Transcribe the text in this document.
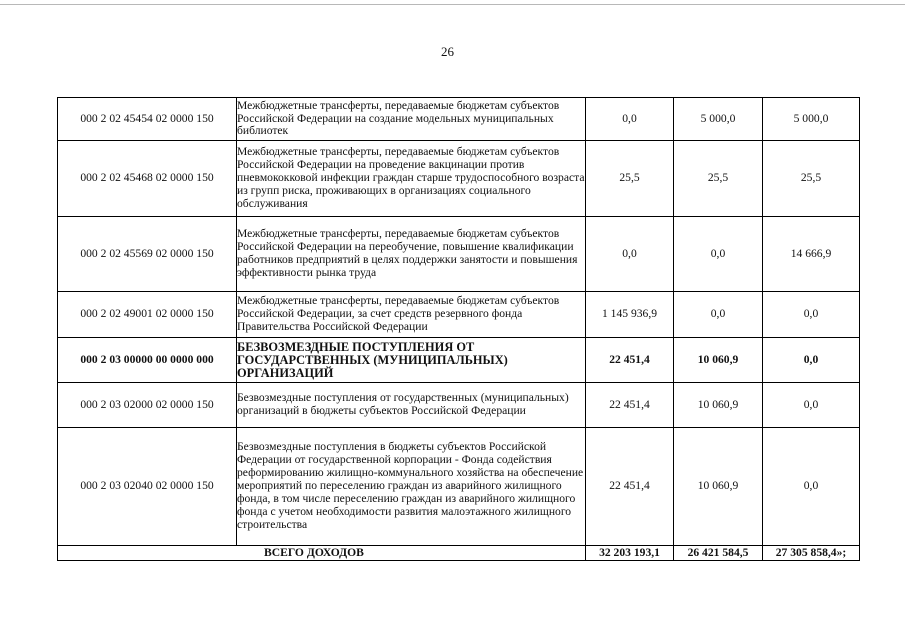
26
000 2 02 45454 02 0000 150	Межбюджетные трансферты, передаваемые бюджетам субъектов Российской Федерации на создание модельных муниципальных библиотек	0,0	5 000,0	5 000,0
000 2 02 45468 02 0000 150	Межбюджетные трансферты, передаваемые бюджетам субъектов Российской Федерации на проведение вакцинации против пневмококковой инфекции граждан старше трудоспособного возраста из групп риска, проживающих в организациях социального обслуживания	25,5	25,5	25,5
000 2 02 45569 02 0000 150	Межбюджетные трансферты, передаваемые бюджетам субъектов Российской Федерации на переобучение, повышение квалификации работников предприятий в целях поддержки занятости и повышения эффективности рынка труда	0,0	0,0	14 666,9
000 2 02 49001 02 0000 150	Межбюджетные трансферты, передаваемые бюджетам субъектов Российской Федерации, за счет средств резервного фонда Правительства Российской Федерации	1 145 936,9	0,0	0,0
000 2 03 00000 00 0000 000	БЕЗВОЗМЕЗДНЫЕ ПОСТУПЛЕНИЯ ОТ ГОСУДАРСТВЕННЫХ (МУНИЦИПАЛЬНЫХ) ОРГАНИЗАЦИЙ	22 451,4	10 060,9	0,0
000 2 03 02000 02 0000 150	Безвозмездные поступления от государственных (муниципальных) организаций в бюджеты субъектов Российской Федерации	22 451,4	10 060,9	0,0
000 2 03 02040 02 0000 150	Безвозмездные поступления в бюджеты субъектов Российской Федерации от государственной корпорации - Фонда содействия реформированию жилищно-коммунального хозяйства на обеспечение мероприятий по переселению граждан из аварийного жилищного фонда, в том числе переселению граждан из аварийного жилищного фонда с учетом необходимости развития малоэтажного жилищного строительства	22 451,4	10 060,9	0,0
ВСЕГО ДОХОДОВ		32 203 193,1	26 421 584,5	27 305 858,4»;
